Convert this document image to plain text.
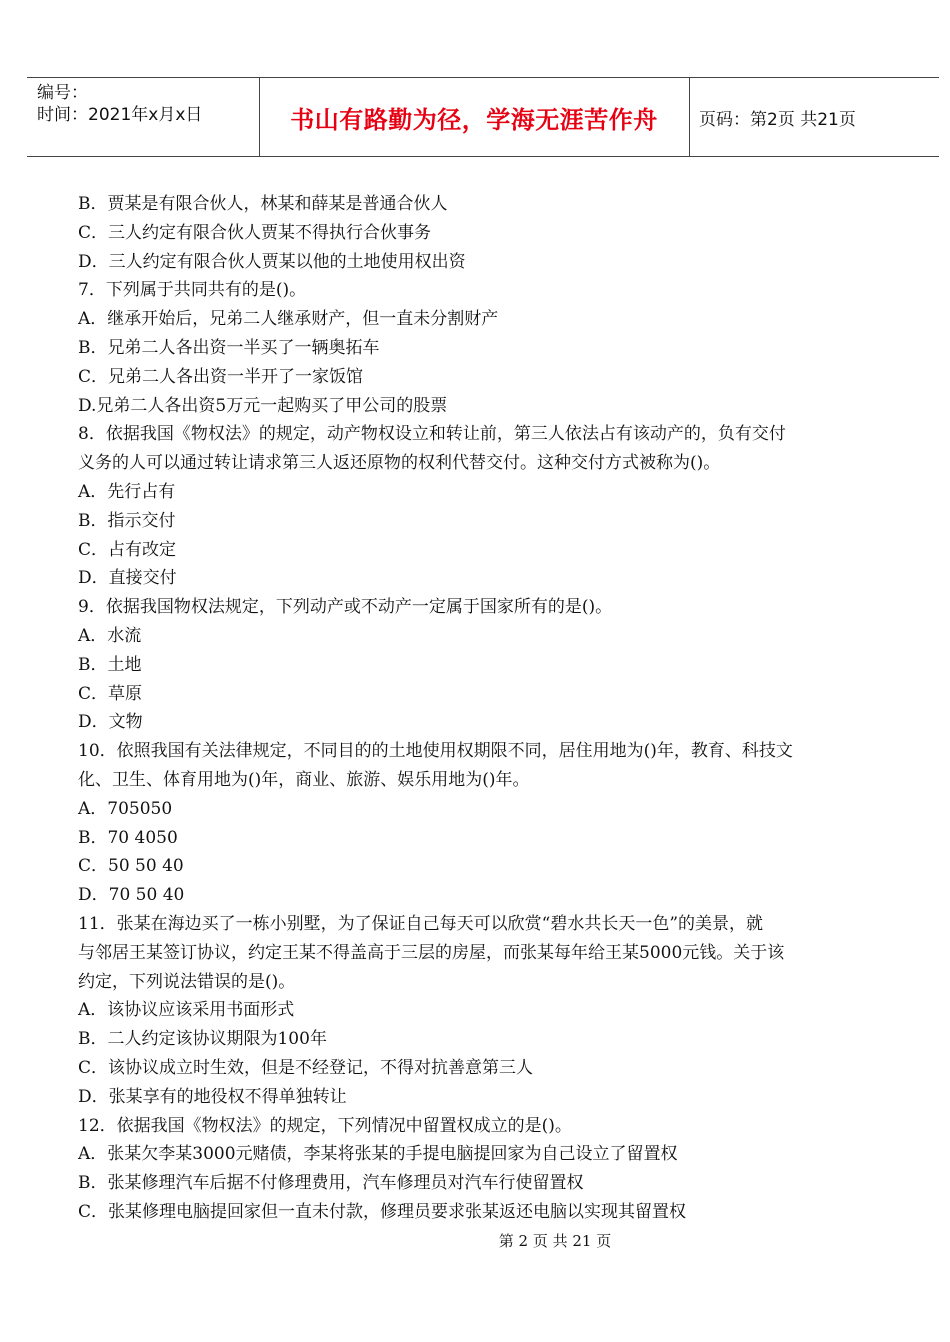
编号：
时间：2021年x月x日	书山有路勤为径，学海无涯苦作舟 页码：第2页 共21页
B．贾某是有限合伙人，林某和薛某是普通合伙人
C．三人约定有限合伙人贾某不得执行合伙事务
D．三人约定有限合伙人贾某以他的土地使用权出资
7．下列属于共同共有的是()。
A．继承开始后，兄弟二人继承财产，但一直未分割财产
B．兄弟二人各出资一半买了一辆奥拓车
C．兄弟二人各出资一半开了一家饭馆
D.兄弟二人各出资5万元一起购买了甲公司的股票
8．依据我国《物权法》的规定，动产物权设立和转让前，第三人依法占有该动产的，负有交付
义务的人可以通过转让请求第三人返还原物的权利代替交付。这种交付方式被称为()。
A．先行占有
B．指示交付
C．占有改定
D．直接交付
9．依据我国物权法规定，下列动产或不动产一定属于国家所有的是()。
A．水流
B．土地
C．草原
D．文物
10．依照我国有关法律规定，不同目的的土地使用权期限不同，居住用地为()年，教育、科技文
化、卫生、体育用地为()年，商业、旅游、娱乐用地为()年。
A．705050
B．70 4050
C．50 50 40
D．70 50 40
11．张某在海边买了一栋小别墅，为了保证自己每天可以欣赏“碧水共长天一色”的美景，就
与邻居王某签订协议，约定王某不得盖高于三层的房屋，而张某每年给王某5000元钱。关于该
约定，下列说法错误的是()。
A．该协议应该采用书面形式
B．二人约定该协议期限为100年
C．该协议成立时生效，但是不经登记，不得对抗善意第三人
D．张某享有的地役权不得单独转让
12．依据我国《物权法》的规定，下列情况中留置权成立的是()。
A．张某欠李某3000元赌债，李某将张某的手提电脑提回家为自己设立了留置权
B．张某修理汽车后据不付修理费用，汽车修理员对汽车行使留置权
C．张某修理电脑提回家但一直未付款，修理员要求张某返还电脑以实现其留置权
第 2 页 共 21 页
